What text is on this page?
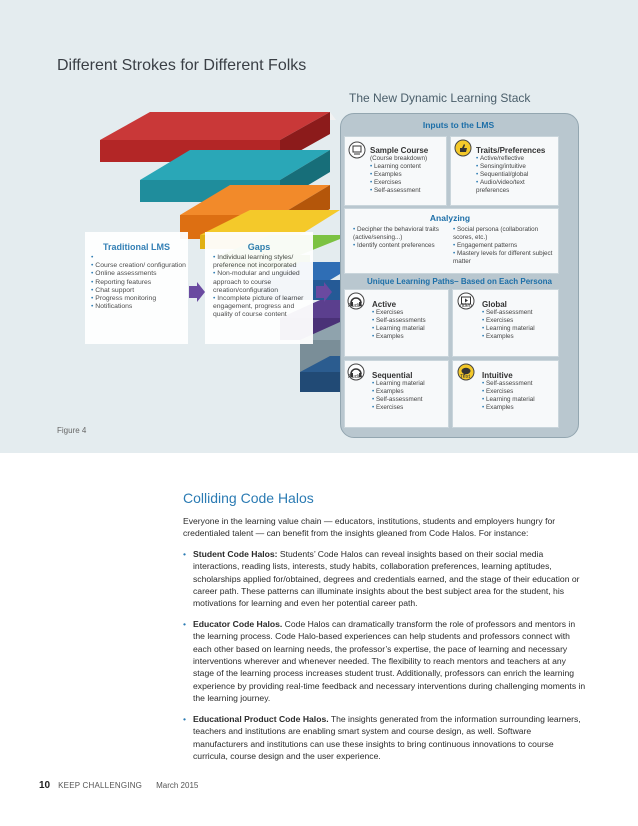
Different Strokes for Different Folks
The New Dynamic Learning Stack
Inputs to the LMS
Sample Course
(Course breakdown)
• Learning content
• Examples
• Exercises
• Self-assessment
Traits/Preferences
• Active/reflective
• Sensing/intuitive
• Sequential/global
• Audio/video/text preferences
• Decipher the behavioral traits (active/sensing...)
• Identify content preferences
• Social persona (collaboration scores, etc.)
• Engagement patterns
• Mastery levels for different subject matter
Analyzing
Unique Learning Paths– Based on Each Persona
Audio Active
• Exercises
• Self-assessments
• Learning material
• Examples
Video Global
• Self-assessment
• Exercises
• Learning material
• Examples
Audio Sequential
• Learning material
• Examples
• Self-assessment
• Exercises
Text Intuitive
• Self-assessment
• Exercises
• Learning material
• Examples
Traditional LMS
•
• Course creation/ configuration
• Online assessments
• Reporting features
• Chat support
• Progress monitoring
• Notifications
Gaps
• Individual learning styles/ preference not incorporated
• Non-modular and unguided approach to course creation/configuration
• Incomplete picture of learner engagement, progress and quality of course content
Figure 4
Colliding Code Halos

Everyone in the learning value chain — educators, institutions, students and employers hungry for credentialed talent — can benefit from the insights gleaned from Code Halos. For instance:

• Student Code Halos: Students’ Code Halos can reveal insights based on their social media interactions, reading lists, interests, study habits, collaboration preferences, learning aptitudes, scholarships applied for/obtained, degrees and credentials earned, and the stage of their education or career path. These patterns can illuminate insights about the best subject area for the student, his motivations for learning and even her potential career path.
• Educator Code Halos. Code Halos can dramatically transform the role of professors and mentors in the learning process. Code Halo-based experiences can help students and professors connect with each other based on learning needs, the professor’s expertise, the pace of learning and necessary interventions wherever and whenever needed. The flexibility to reach mentors and teachers at any stage of the learning process increases student trust. Additionally, professors can enrich the learning experience by providing real-time feedback and necessary interventions during challenging moments in the learning journey.
• Educational Product Code Halos. The insights generated from the information surrounding learners, teachers and institutions are enabling smart system and course design, as well. Software manufacturers and institutions can use these insights to bring continuous innovations to course curricula, course design and the user experience.
10 KEEP CHALLENGING March 2015
